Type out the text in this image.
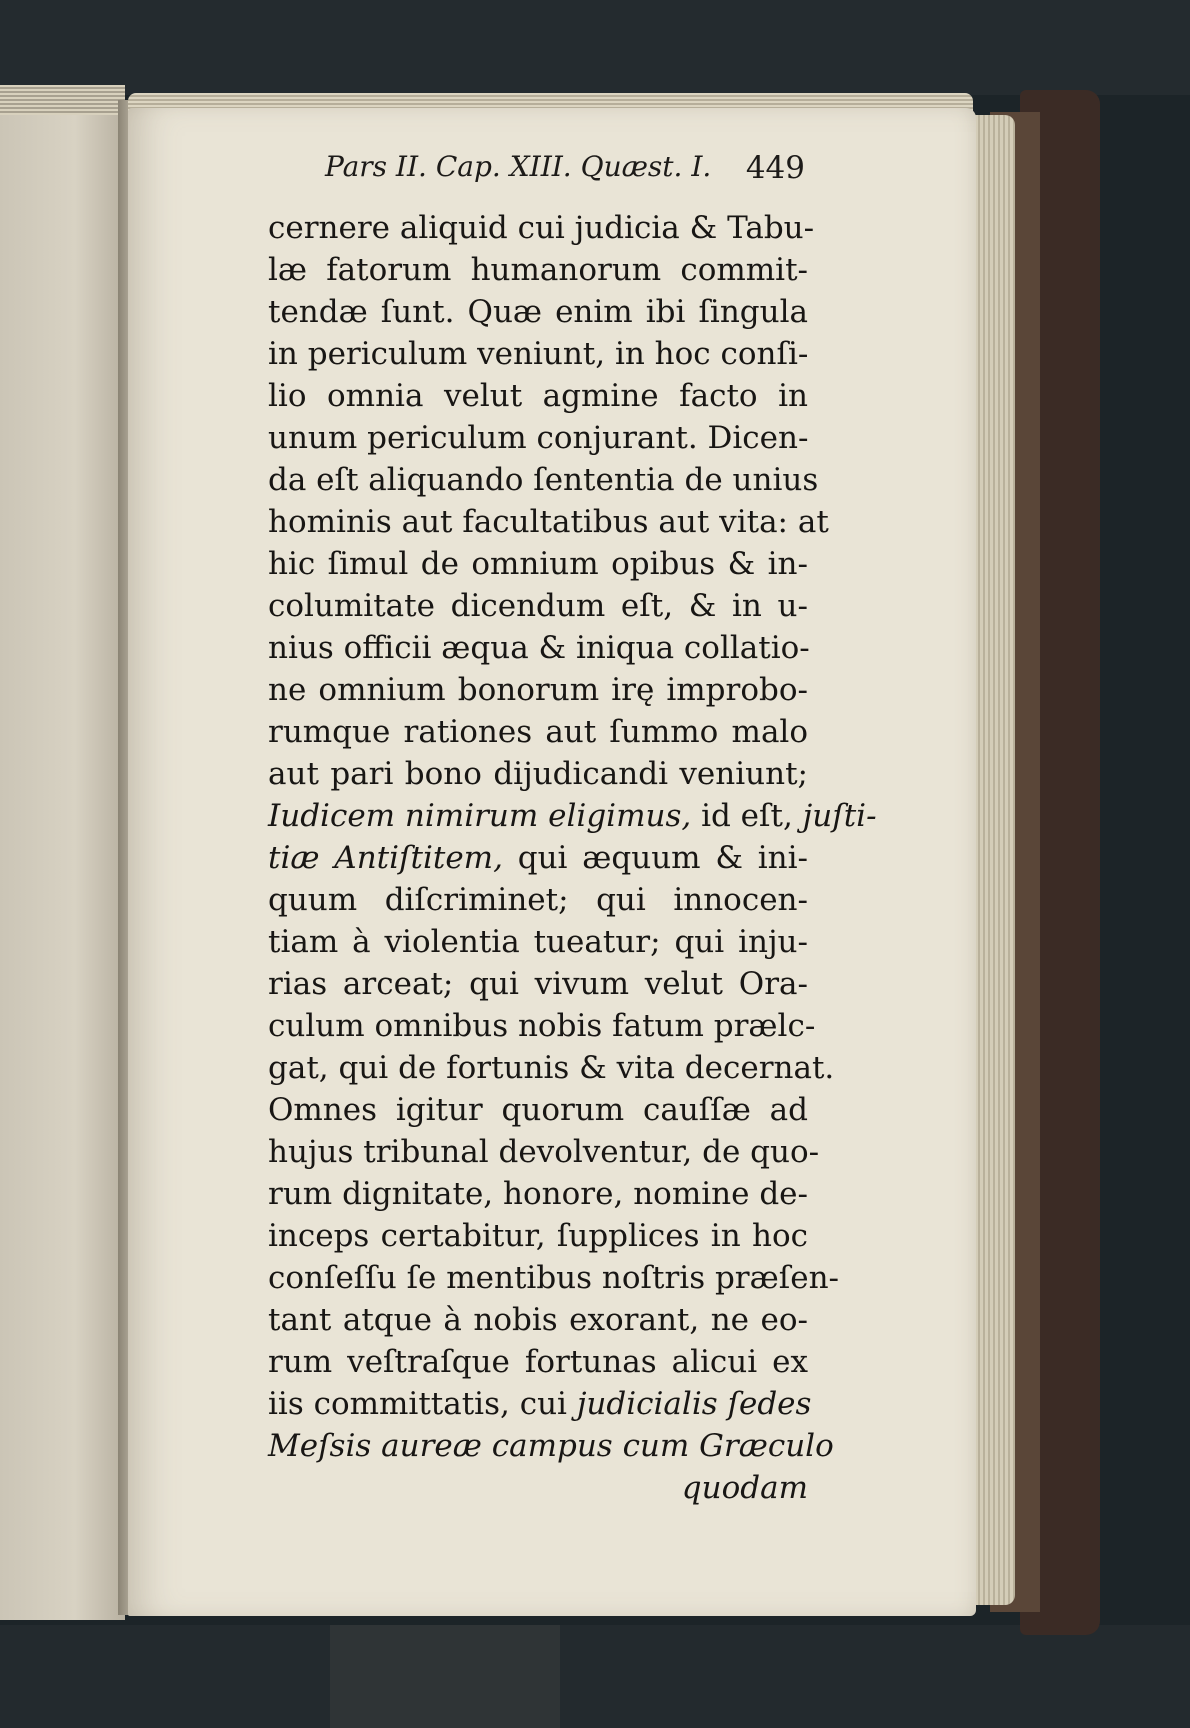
Pars II. Cap. XIII. Quæst. I. 449
cernere aliquid cui judicia & Tabu-
læ fatorum humanorum commit-
tendæ ſunt. Quæ enim ibi ſingula
in periculum veniunt, in hoc conſi-
lio omnia velut agmine facto in
unum periculum conjurant. Dicen-
da eſt aliquando ſententia de unius
hominis aut facultatibus aut vita: at
hic ſimul de omnium opibus & in-
columitate dicendum eſt, & in u-
nius officii æqua & iniqua collatio-
ne omnium bonorum irę improbo-
rumque rationes aut ſummo malo
aut pari bono dijudicandi veniunt;
Iudicem nimirum eligimus, id eſt, juſti-
tiæ Antiſtitem, qui æquum & ini-
quum diſcriminet; qui innocen-
tiam à violentia tueatur; qui inju-
rias arceat; qui vivum velut Ora-
culum omnibus nobis fatum prælc-
gat, qui de fortunis & vita decernat.
Omnes igitur quorum cauſſæ ad
hujus tribunal devolventur, de quo-
rum dignitate, honore, nomine de-
inceps certabitur, ſupplices in hoc
conſeſſu ſe mentibus noſtris præſen-
tant atque à nobis exorant, ne eo-
rum veſtraſque fortunas alicui ex
iis committatis, cui judicialis ſedes
Meſsis aureæ campus cum Græculo
quodam
